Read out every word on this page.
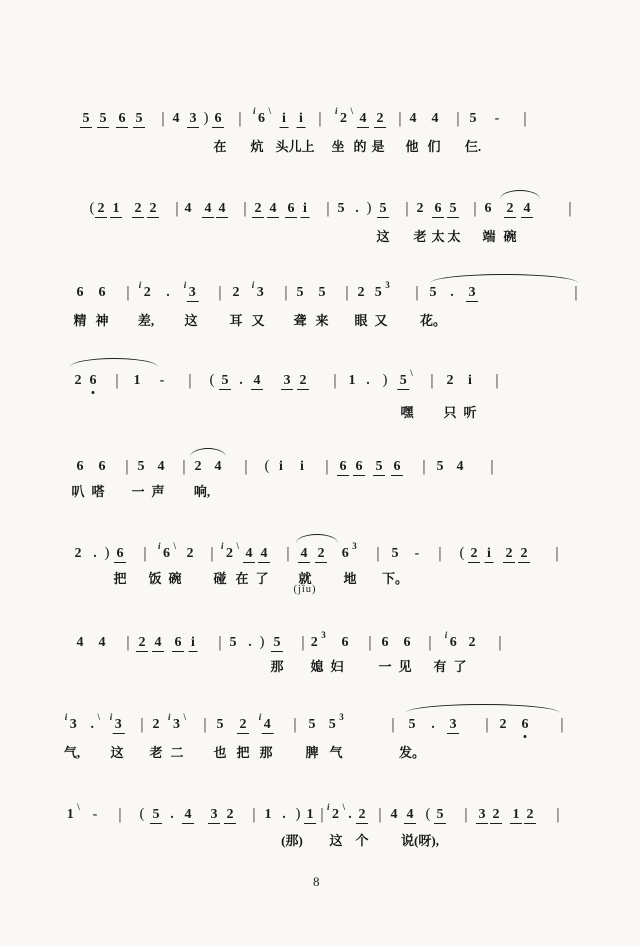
8
5 5 6 5 | 4 3 ) 6 | i 6 \ i i | i 2 \ 4 2 | 4 4 | 5 - |
在 炕 头 儿 上 坐 的 是 他 们 仨.
( 2 1 2 2 | 4 4 4 | 2 4 6 i | 5 . ) 5 | 2 6 5 | 6 2 4 |
这 老 太 太 端 碗
6 6 | i 2 . i 3 | 2 i 3 | 5 5 | 2 5 $^3$ | 5 . 3	|
精 神 差, 这 耳 又 聋 来 眼 又 花。
2 6 | 1 - | ( 5 . 4 3 2 | 1 . ) 5 \ | 2 i |
嘿 只 听
6 6 | 5 4 | 2 4 | ( i i | 6 6 5 6 | 5 4 |
叭 嗒 一 声 响,
2 . ) 6 | i 6 \ 2 | i 2 \ 4 4 | 4 2 6 $^3$ | 5 - | ( 2 i 2 2 |
把 饭 碗 碰 在 了 就 地 下。
(jǐu)
4 4 | 2 4 6 i | 5 . ) 5 | 2 $^3$ 6 | 6 6 | i 6 2 |
那 媳 妇	一 见 有 了
i 3 . \ i 3 | 2 i 3 \ | 5 2 i 4 | 5 5 $^3$	| 5 . 3 | 2 6 |
气, 这 老 二 也 把 那	脾 气	发。
1 \ - | ( 5 . 4 3 2 | 1 . ) 1 | i 2 \ . 2 | 4 4 ( 5 | 3 2 1 2 |
(那) 这 个	说(呀),
